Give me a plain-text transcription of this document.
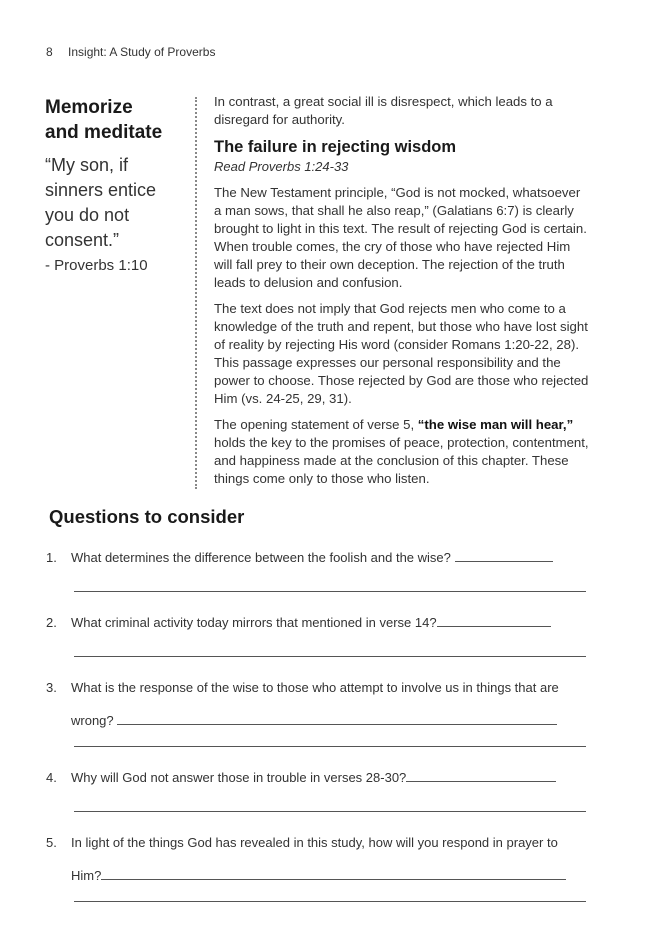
8 Insight: A Study of Proverbs
Memorize
and meditate
“My son, if
sinners entice
you do not
consent.”
- Proverbs 1:10

In contrast, a great social ill is disrespect, which leads to a disregard for authority.

The failure in rejecting wisdom
Read Proverbs 1:24-33

The New Testament principle, “God is not mocked, whatsoever a man sows, that shall he also reap,” (Galatians 6:7) is clearly brought to light in this text. The result of rejecting God is certain. When trouble comes, the cry of those who have rejected Him will fall prey to their own deception. The rejection of the truth leads to delusion and confusion.

The text does not imply that God rejects men who come to a knowledge of the truth and repent, but those who have lost sight of reality by rejecting His word (consider Romans 1:20-22, 28). This passage expresses our personal responsibility and the power to choose. Those rejected by God are those who rejected Him (vs. 24-25, 29, 31).

The opening statement of verse 5, “the wise man will hear,” holds the key to the promises of peace, protection, contentment, and happiness made at the conclusion of this chapter. These things come only to those who listen.

Questions to consider
1. What determines the difference between the foolish and the wise?
2. What criminal activity today mirrors that mentioned in verse 14?
3. What is the response of the wise to those who attempt to involve us in things that are wrong?
4. Why will God not answer those in trouble in verses 28-30?
5. In light of the things God has revealed in this study, how will you respond in prayer to Him?
